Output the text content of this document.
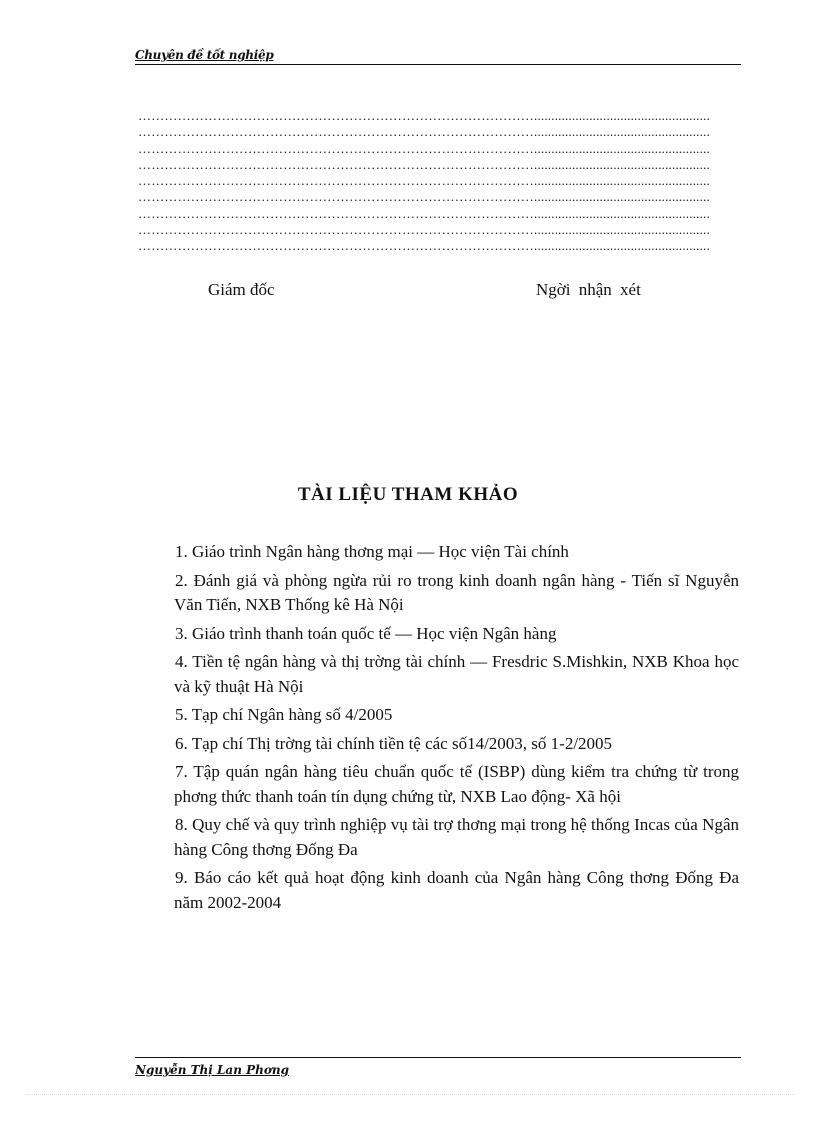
Chuyên đề tốt nghiệp
………………………………………………………………………………...................................................
………………………………………………………………………………...................................................
………………………………………………………………………………...................................................
………………………………………………………………………………...................................................
………………………………………………………………………………...................................................
………………………………………………………………………………...................................................
………………………………………………………………………………...................................................
………………………………………………………………………………...................................................
………………………………………………………………………………...................................................
Giám đốc	Ngời nhận xét
TÀI LIỆU THAM KHẢO
1. Giáo trình Ngân hàng thơng mại — Học viện Tài chính
2. Đánh giá và phòng ngừa rủi ro trong kinh doanh ngân hàng - Tiến sĩ Nguyễn Văn Tiến, NXB Thống kê Hà Nội
3. Giáo trình thanh toán quốc tế — Học viện Ngân hàng
4. Tiền tệ ngân hàng và thị trờng tài chính — Fresdric S.Mishkin, NXB Khoa học và kỹ thuật Hà Nội
5. Tạp chí Ngân hàng số 4/2005
6. Tạp chí Thị trờng tài chính tiền tệ các số14/2003, số 1-2/2005
7. Tập quán ngân hàng tiêu chuẩn quốc tế (ISBP) dùng kiểm tra chứng từ trong phơng thức thanh toán tín dụng chứng từ, NXB Lao động- Xã hội
8. Quy chế và quy trình nghiệp vụ tài trợ thơng mại trong hệ thống Incas của Ngân hàng Công thơng Đống Đa
9. Báo cáo kết quả hoạt động kinh doanh của Ngân hàng Công thơng Đống Đa năm 2002-2004
Nguyễn Thị Lan Phơng
